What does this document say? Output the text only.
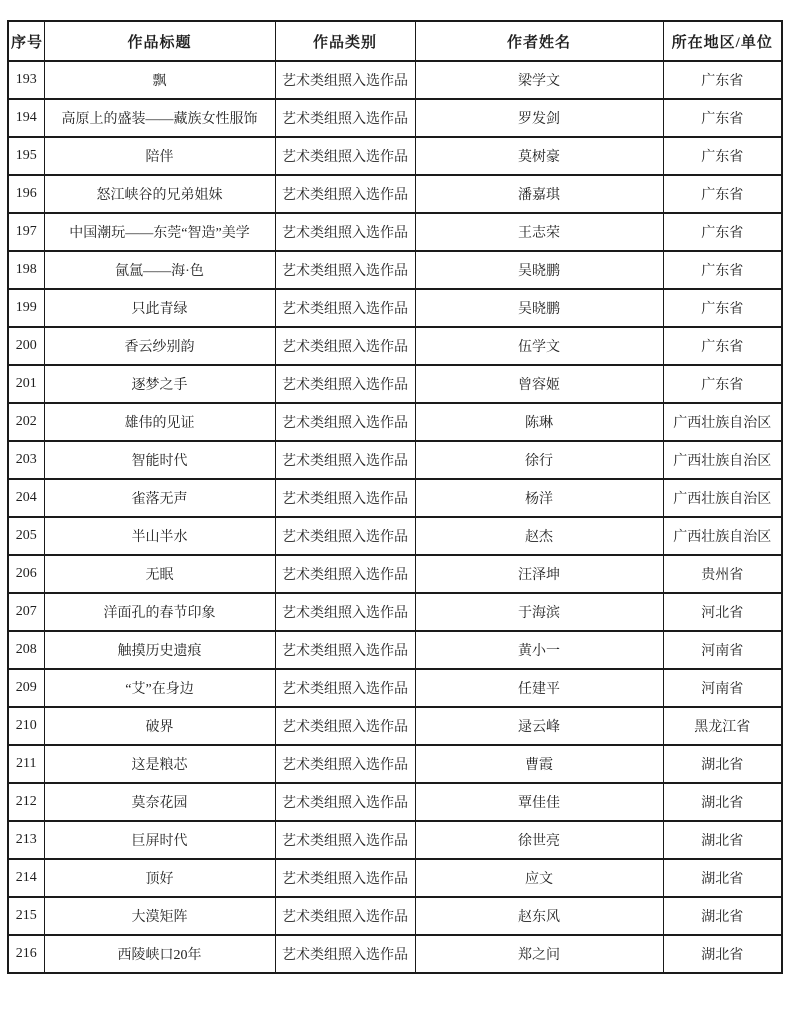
序号	作品标题	作品类别	作者姓名	所在地区/单位
193	飘	艺术类组照入选作品	梁学文	广东省
194	高原上的盛装——藏族女性服饰	艺术类组照入选作品	罗发剑	广东省
195	陪伴	艺术类组照入选作品	莫树豪	广东省
196	怒江峡谷的兄弟姐妹	艺术类组照入选作品	潘嘉琪	广东省
197	中国潮玩——东莞“智造”美学	艺术类组照入选作品	王志荣	广东省
198	氤氲——海·色	艺术类组照入选作品	吴晓鹏	广东省
199	只此青绿	艺术类组照入选作品	吴晓鹏	广东省
200	香云纱别韵	艺术类组照入选作品	伍学文	广东省
201	逐梦之手	艺术类组照入选作品	曾容姬	广东省
202	雄伟的见证	艺术类组照入选作品	陈琳	广西壮族自治区
203	智能时代	艺术类组照入选作品	徐行	广西壮族自治区
204	雀落无声	艺术类组照入选作品	杨洋	广西壮族自治区
205	半山半水	艺术类组照入选作品	赵杰	广西壮族自治区
206	无眠	艺术类组照入选作品	汪泽坤	贵州省
207	洋面孔的春节印象	艺术类组照入选作品	于海滨	河北省
208	触摸历史遗痕	艺术类组照入选作品	黄小一	河南省
209	“艾”在身边	艺术类组照入选作品	任建平	河南省
210	破界	艺术类组照入选作品	逯云峰	黑龙江省
211	这是粮芯	艺术类组照入选作品	曹霞	湖北省
212	莫奈花园	艺术类组照入选作品	覃佳佳	湖北省
213	巨屏时代	艺术类组照入选作品	徐世亮	湖北省
214	顶好	艺术类组照入选作品	应文	湖北省
215	大漠矩阵	艺术类组照入选作品	赵东风	湖北省
216	西陵峡口20年	艺术类组照入选作品	郑之问	湖北省
